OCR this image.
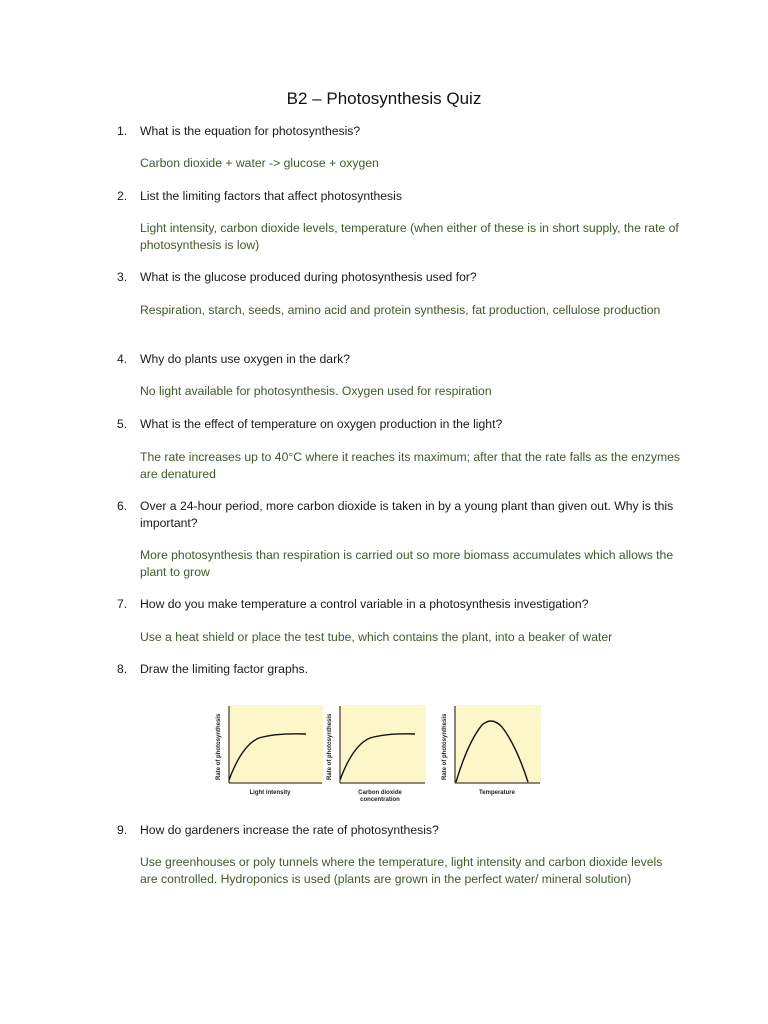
B2 – Photosynthesis Quiz
1. What is the equation for photosynthesis?
Carbon dioxide + water -> glucose + oxygen
2. List the limiting factors that affect photosynthesis
Light intensity, carbon dioxide levels, temperature (when either of these is in short supply, the rate of photosynthesis is low)
3. What is the glucose produced during photosynthesis used for?
Respiration, starch, seeds, amino acid and protein synthesis, fat production, cellulose production
4. Why do plants use oxygen in the dark?
No light available for photosynthesis. Oxygen used for respiration
5. What is the effect of temperature on oxygen production in the light?
The rate increases up to 40°C where it reaches its maximum; after that the rate falls as the enzymes are denatured
6. Over a 24-hour period, more carbon dioxide is taken in by a young plant than given out. Why is this important?
More photosynthesis than respiration is carried out so more biomass accumulates which allows the plant to grow
7. How do you make temperature a control variable in a photosynthesis investigation?
Use a heat shield or place the test tube, which contains the plant, into a beaker of water
8. Draw the limiting factor graphs.
Rate of photosynthesis
Light intensity
Rate of photosynthesis
Carbon dioxide
concentration
Rate of photosynthesis
Temperature
9. How do gardeners increase the rate of photosynthesis?
Use greenhouses or poly tunnels where the temperature, light intensity and carbon dioxide levels are controlled. Hydroponics is used (plants are grown in the perfect water/ mineral solution)
